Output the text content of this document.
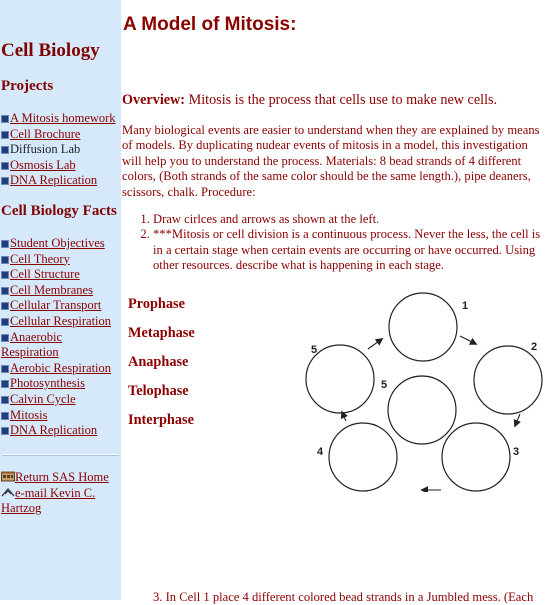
Cell Biology
Projects
A Mitosis homework
Cell Brochure
Diffusion Lab
Osmosis Lab
DNA Replication
Cell Biology Facts
Student Objectives
Cell Theory
Cell Structure
Cell Membranes
Cellular Transport
Cellular Respiration
Anaerobic Respiration
Aerobic Respiration
Photosynthesis
Calvin Cycle
Mitosis
DNA Replication
Return SAS Home
e-mail Kevin C. Hartzog
A Model of Mitosis:
Overview: Mitosis is the process that cells use to make new cells.
Many biological events are easier to understand when they are explained by means of models. By duplicating nudear events of mitosis in a model, this investigation will help you to understand the process. Materials: 8 bead strands of 4 different colors, (Both strands of the same color should be the same length.), pipe deaners, scissors, chalk. Procedure:
1. Draw cirlces and arrows as shown at the left.
2. ***Mitosis or cell division is a continuous process. Never the less, the cell is in a certain stage when certain events are occurring or have occurred. Using other resources. describe what is happening in each stage.
Prophase
Metaphase
Anaphase
Telophase
Interphase
1
2
3
4
5
5
3. In Cell 1 place 4 different colored bead strands in a Jumbled mess. (Each
